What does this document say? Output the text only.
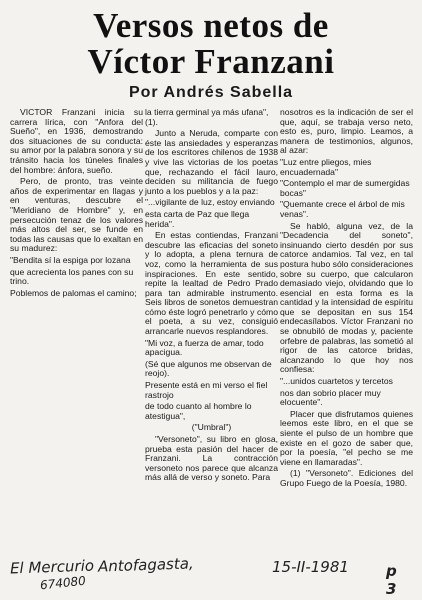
Versos netos de
Víctor Franzani
Por Andrés Sabella

VICTOR Franzani inicia su carrera lírica, con "Anfora del Sueño", en 1936, demostrando dos situaciones de su conducta: su amor por la palabra sonora y su tránsito hacia los túneles finales del hombre: ánfora, sueño.

Pero, de pronto, tras veinte años de experimentar en llagas y en venturas, descubre el "Meridiano de Hombre" y, en persecución tenaz de los valores más altos del ser, se funde en todas las causas que lo exaltan en su madurez:

"Bendita sí la espiga por lozana

que acrecienta los panes con su trino.

Poblemos de palomas el camino;

la tierra germinal ya más ufana", (1).

Junto a Neruda, comparte con éste las ansiedades y esperanzas de los escritores chilenos de 1938 y vive las victorias de los poetas que, rechazando el fácil lauro, deciden su militancia de fuego junto a los pueblos y a la paz:

"...vigilante de luz, estoy enviando

esta carta de Paz que llega herida".

En estas contiendas, Franzani descubre las eficacias del soneto y lo adopta, a plena ternura de voz, como la herramienta de sus inspiraciones. En este sentido, repite la lealtad de Pedro Prado para tan admirable instrumento. Seis libros de sonetos demuestran cómo éste logró penetrarlo y cómo el poeta, a su vez, consiguió arrancarle nuevos resplandores.

"Mi voz, a fuerza de amar, todo apacigua.

(Sé que algunos me observan de reojo).

Presente está en mi verso el fiel rastrojo

de todo cuanto al hombre lo atestigua",

("Umbral")

"Versoneto", su libro en glosa, prueba esta pasión del hacer de Franzani. La contracción versoneto nos parece que alcanza más allá de verso y soneto. Para

nosotros es la indicación de ser el que, aquí, se trabaja verso neto, esto es, puro, limpio. Leamos, a manera de testimonios, algunos, al azar:

"Luz entre pliegos, mies encuadernada"

"Contemplo el mar de sumergidas bocas"

"Quemante crece el árbol de mis venas".

Se habló, alguna vez, de la "Decadencia del soneto", insinuando cierto desdén por sus catorce andamios. Tal vez, en tal postura hubo sólo consideraciones sobre su cuerpo, que calcularon demasiado viejo, olvidando que lo esencial en esta forma es la cantidad y la intensidad de espíritu que se depositan en sus 154 endecasílabos. Víctor Franzani no se obnubiló de modas y, paciente orfebre de palabras, las sometió al rigor de las catorce bridas, alcanzando lo que hoy nos confiesa:

"...unidos cuartetos y tercetos

nos dan sobrio placer muy elocuente".

Placer que disfrutamos quienes leemos este libro, en el que se siente el pulso de un hombre que existe en el gozo de saber que, por la poesía, "el pecho se me viene en llamaradas".

(1) "Versoneto". Ediciones del Grupo Fuego de la Poesía, 1980.

El Mercurio Antofagasta,	15-II-1981 p 3
674080
